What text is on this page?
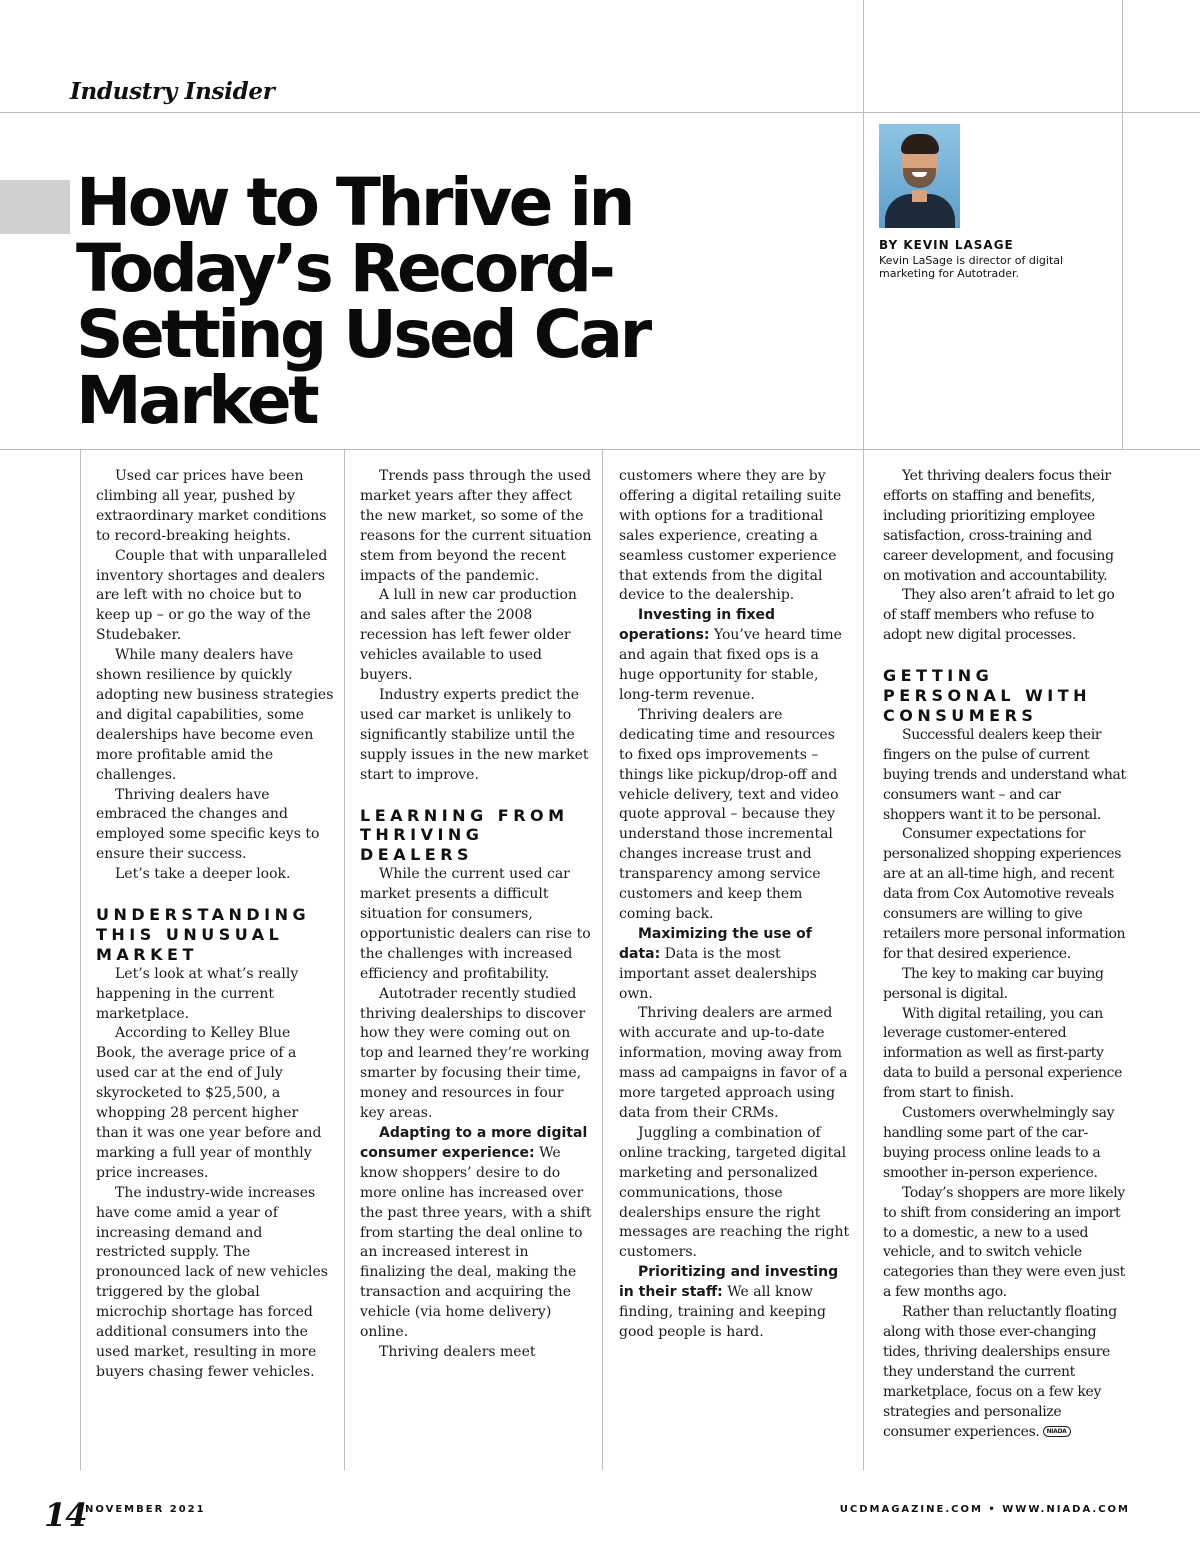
Industry Insider
How to Thrive in Today’s Record-Setting Used Car Market
BY KEVIN LASAGE
Kevin LaSage is director of digital marketing for Autotrader.

Used car prices have been climbing all year, pushed by extraordinary market conditions to record-breaking heights.

Couple that with unparalleled inventory shortages and dealers are left with no choice but to keep up – or go the way of the Studebaker.

While many dealers have shown resilience by quickly adopting new business strategies and digital capabilities, some dealerships have become even more profitable amid the challenges.

Thriving dealers have embraced the changes and employed some specific keys to ensure their success.

Let’s take a deeper look.

UNDERSTANDING THIS UNUSUAL MARKET

Let’s look at what’s really happening in the current marketplace.

According to Kelley Blue Book, the average price of a used car at the end of July skyrocketed to $25,500, a whopping 28 percent higher than it was one year before and marking a full year of monthly price increases.

The industry-wide increases have come amid a year of increasing demand and restricted supply. The pronounced lack of new vehicles triggered by the global microchip shortage has forced additional consumers into the used market, resulting in more buyers chasing fewer vehicles.

Trends pass through the used market years after they affect the new market, so some of the reasons for the current situation stem from beyond the recent impacts of the pandemic.

A lull in new car production and sales after the 2008 recession has left fewer older vehicles available to used buyers.

Industry experts predict the used car market is unlikely to significantly stabilize until the supply issues in the new market start to improve.

LEARNING FROM THRIVING DEALERS

While the current used car market presents a difficult situation for consumers, opportunistic dealers can rise to the challenges with increased efficiency and profitability.

Autotrader recently studied thriving dealerships to discover how they were coming out on top and learned they’re working smarter by focusing their time, money and resources in four key areas.

Adapting to a more digital consumer experience: We know shoppers’ desire to do more online has increased over the past three years, with a shift from starting the deal online to an increased interest in finalizing the deal, making the transaction and acquiring the vehicle (via home delivery) online.

Thriving dealers meet

customers where they are by offering a digital retailing suite with options for a traditional sales experience, creating a seamless customer experience that extends from the digital device to the dealership.

Investing in fixed operations: You’ve heard time and again that fixed ops is a huge opportunity for stable, long-term revenue.

Thriving dealers are dedicating time and resources to fixed ops improvements – things like pickup/drop-off and vehicle delivery, text and video quote approval – because they understand those incremental changes increase trust and transparency among service customers and keep them coming back.

Maximizing the use of data: Data is the most important asset dealerships own.

Thriving dealers are armed with accurate and up-to-date information, moving away from mass ad campaigns in favor of a more targeted approach using data from their CRMs.

Juggling a combination of online tracking, targeted digital marketing and personalized communications, those dealerships ensure the right messages are reaching the right customers.

Prioritizing and investing in their staff: We all know finding, training and keeping good people is hard.

Yet thriving dealers focus their efforts on staffing and benefits, including prioritizing employee satisfaction, cross-training and career development, and focusing on motivation and accountability.

They also aren’t afraid to let go of staff members who refuse to adopt new digital processes.

GETTING PERSONAL WITH CONSUMERS

Successful dealers keep their fingers on the pulse of current buying trends and understand what consumers want – and car shoppers want it to be personal.

Consumer expectations for personalized shopping experiences are at an all-time high, and recent data from Cox Automotive reveals consumers are willing to give retailers more personal information for that desired experience.

The key to making car buying personal is digital.

With digital retailing, you can leverage customer-entered information as well as first-party data to build a personal experience from start to finish.

Customers overwhelmingly say handling some part of the car-buying process online leads to a smoother in-person experience.

Today’s shoppers are more likely to shift from considering an import to a domestic, a new to a used vehicle, and to switch vehicle categories than they were even just a few months ago.

Rather than reluctantly floating along with those ever-changing tides, thriving dealerships ensure they understand the current marketplace, focus on a few key strategies and personalize consumer experiences. NIADA

14
NOVEMBER 2021	UCDMAGAZINE.COM • WWW.NIADA.COM
